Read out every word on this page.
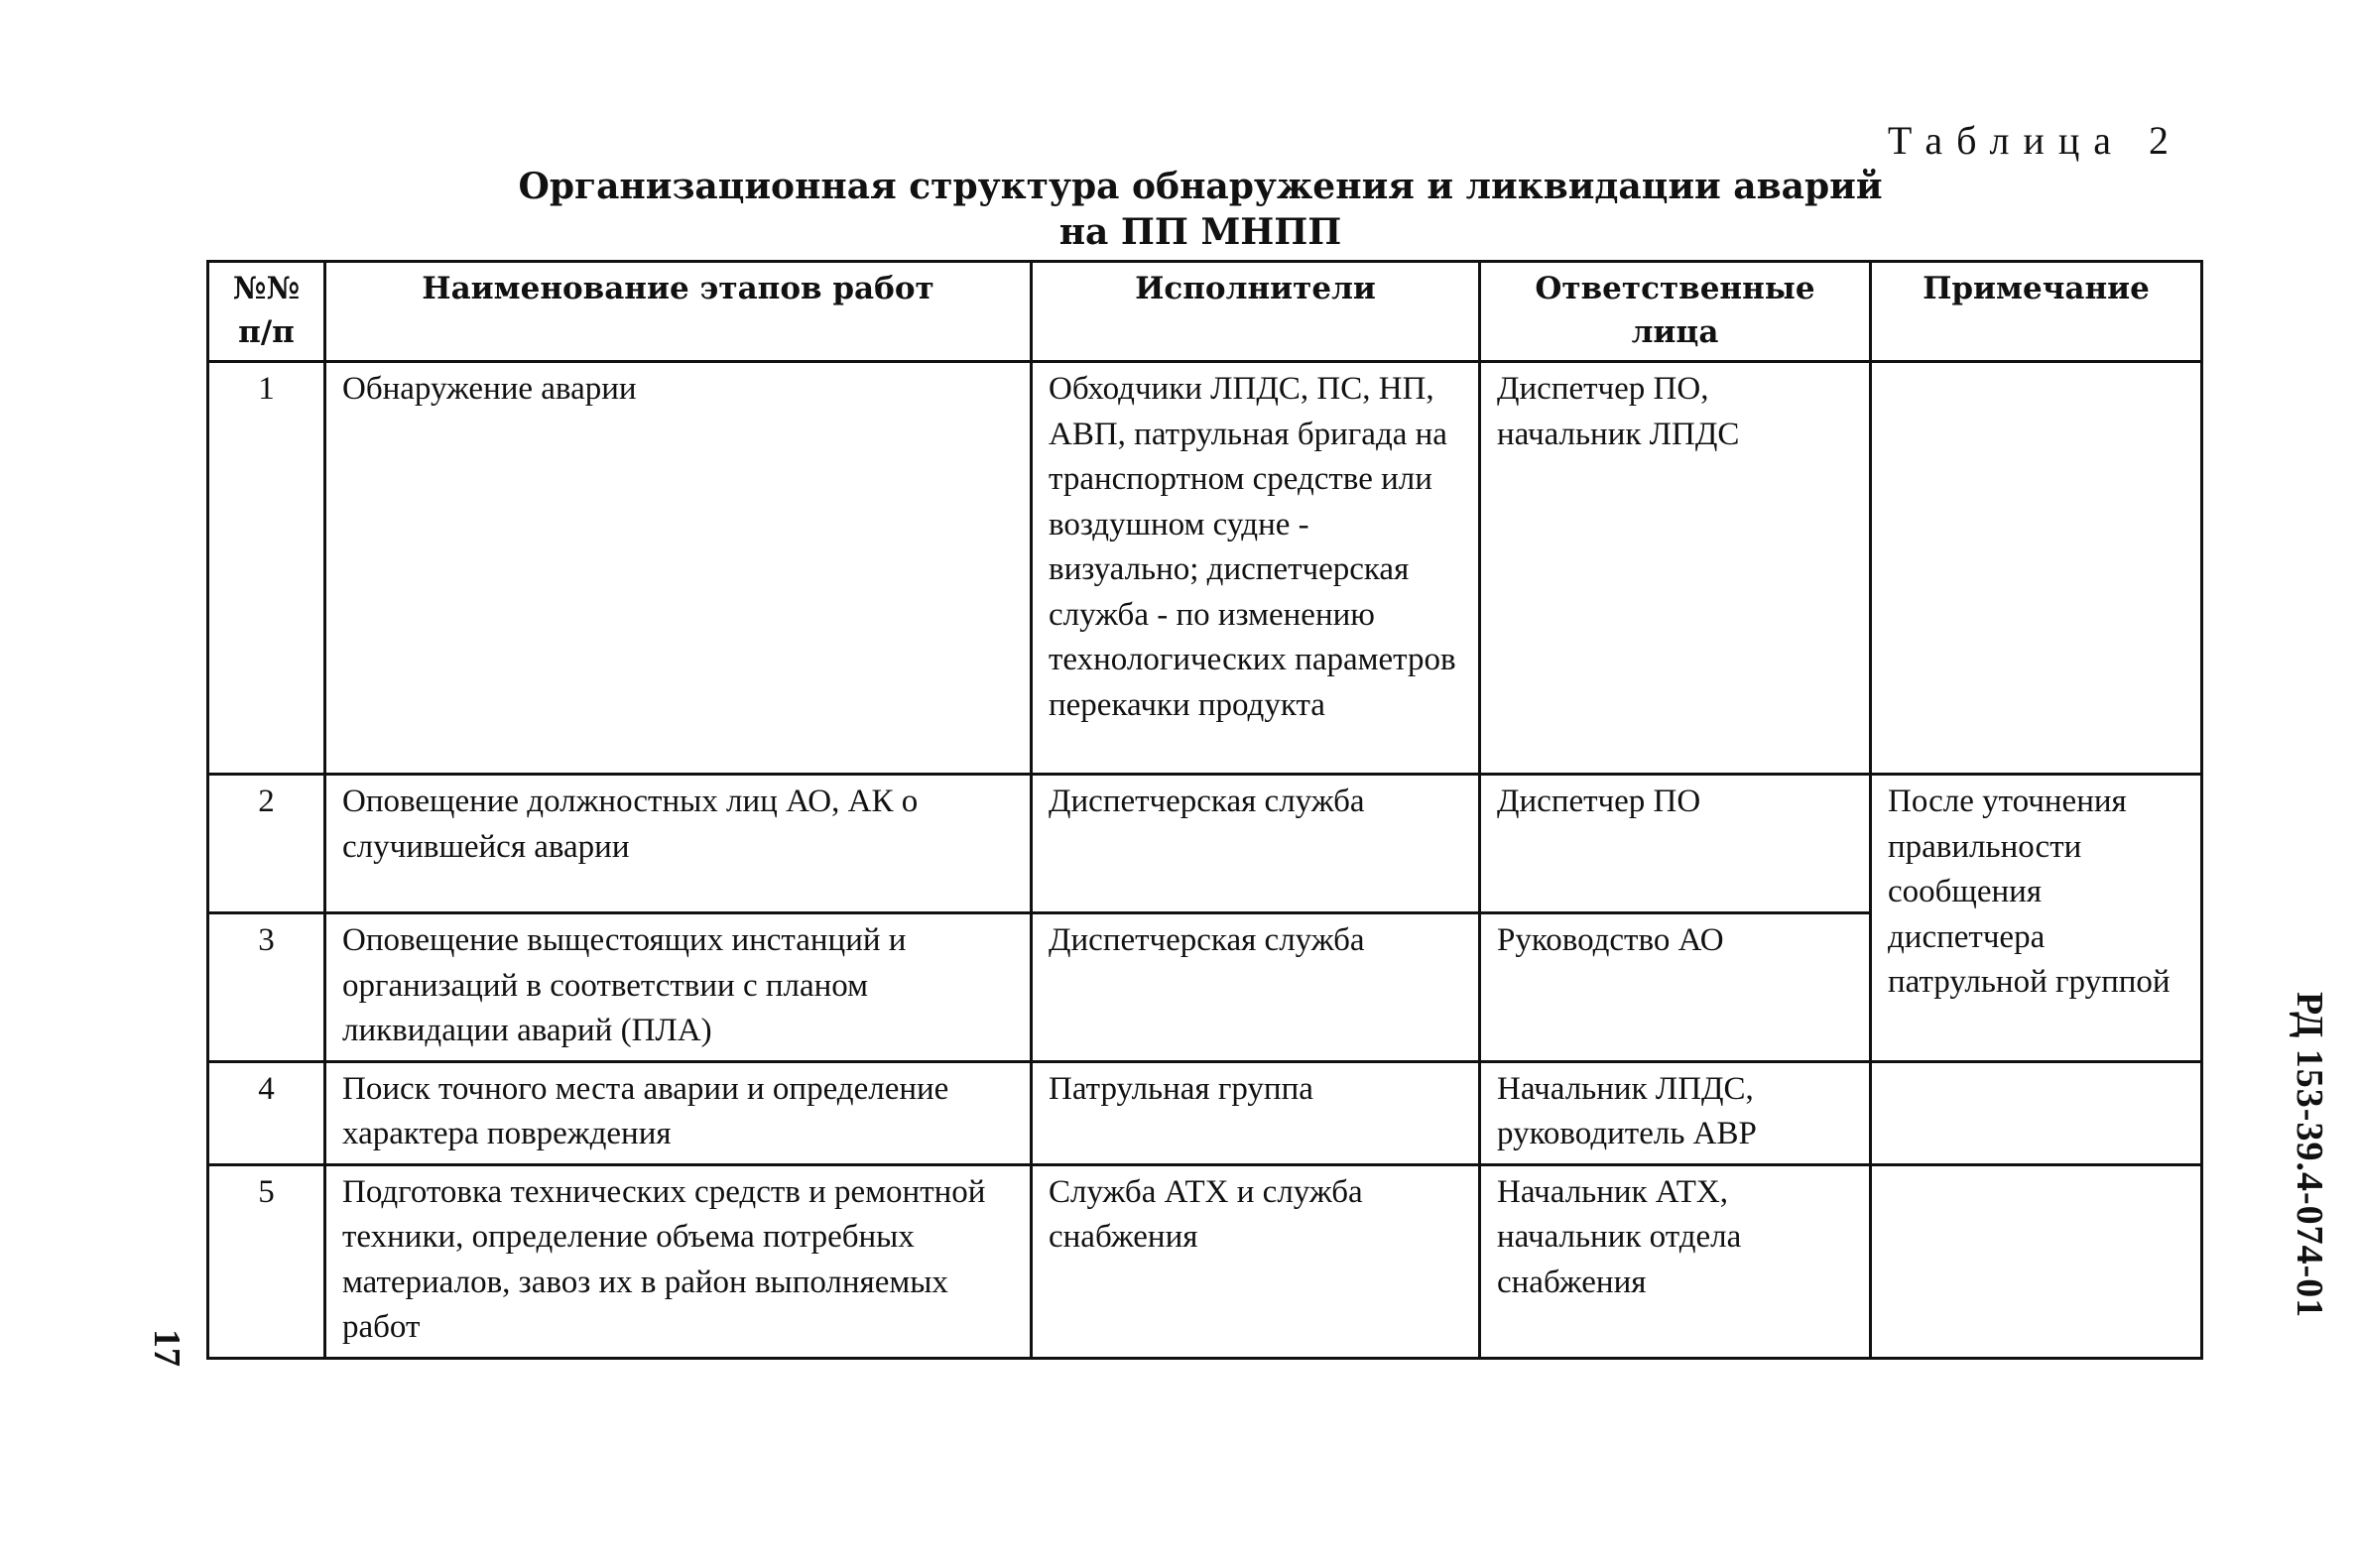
Таблица 2
Организационная структура обнаружения и ликвидации аварий
на ПП МНПП
№№ п/п	Наименование этапов работ	Исполнители	Ответственные лица	Примечание
1	Обнаружение аварии	Обходчики ЛПДС, ПС, НП, АВП, патрульная бригада на транспортном средстве или воздушном судне - визуально; диспетчерская служба - по изменению технологических параметров перекачки продукта	Диспетчер ПО, начальник ЛПДС	
2	Оповещение должностных лиц АО, АК о случившейся аварии	Диспетчерская служба	Диспетчер ПО	После уточнения правильности сообщения диспетчера патрульной группой
3	Оповещение выщестоящих инстанций и организаций в соответствии с планом ликвидации аварий (ПЛА)	Диспетчерская служба	Руководство АО	
4	Поиск точного места аварии и определение характера повреждения	Патрульная группа	Начальник ЛПДС, руководитель АВР	
5	Подготовка технических средств и ремонтной техники, определение объема потребных материалов, завоз их в район выполняемых работ	Служба АТХ и служба снабжения	Начальник АТХ, начальник отдела снабжения		РД 153-39.4-074-01
17
